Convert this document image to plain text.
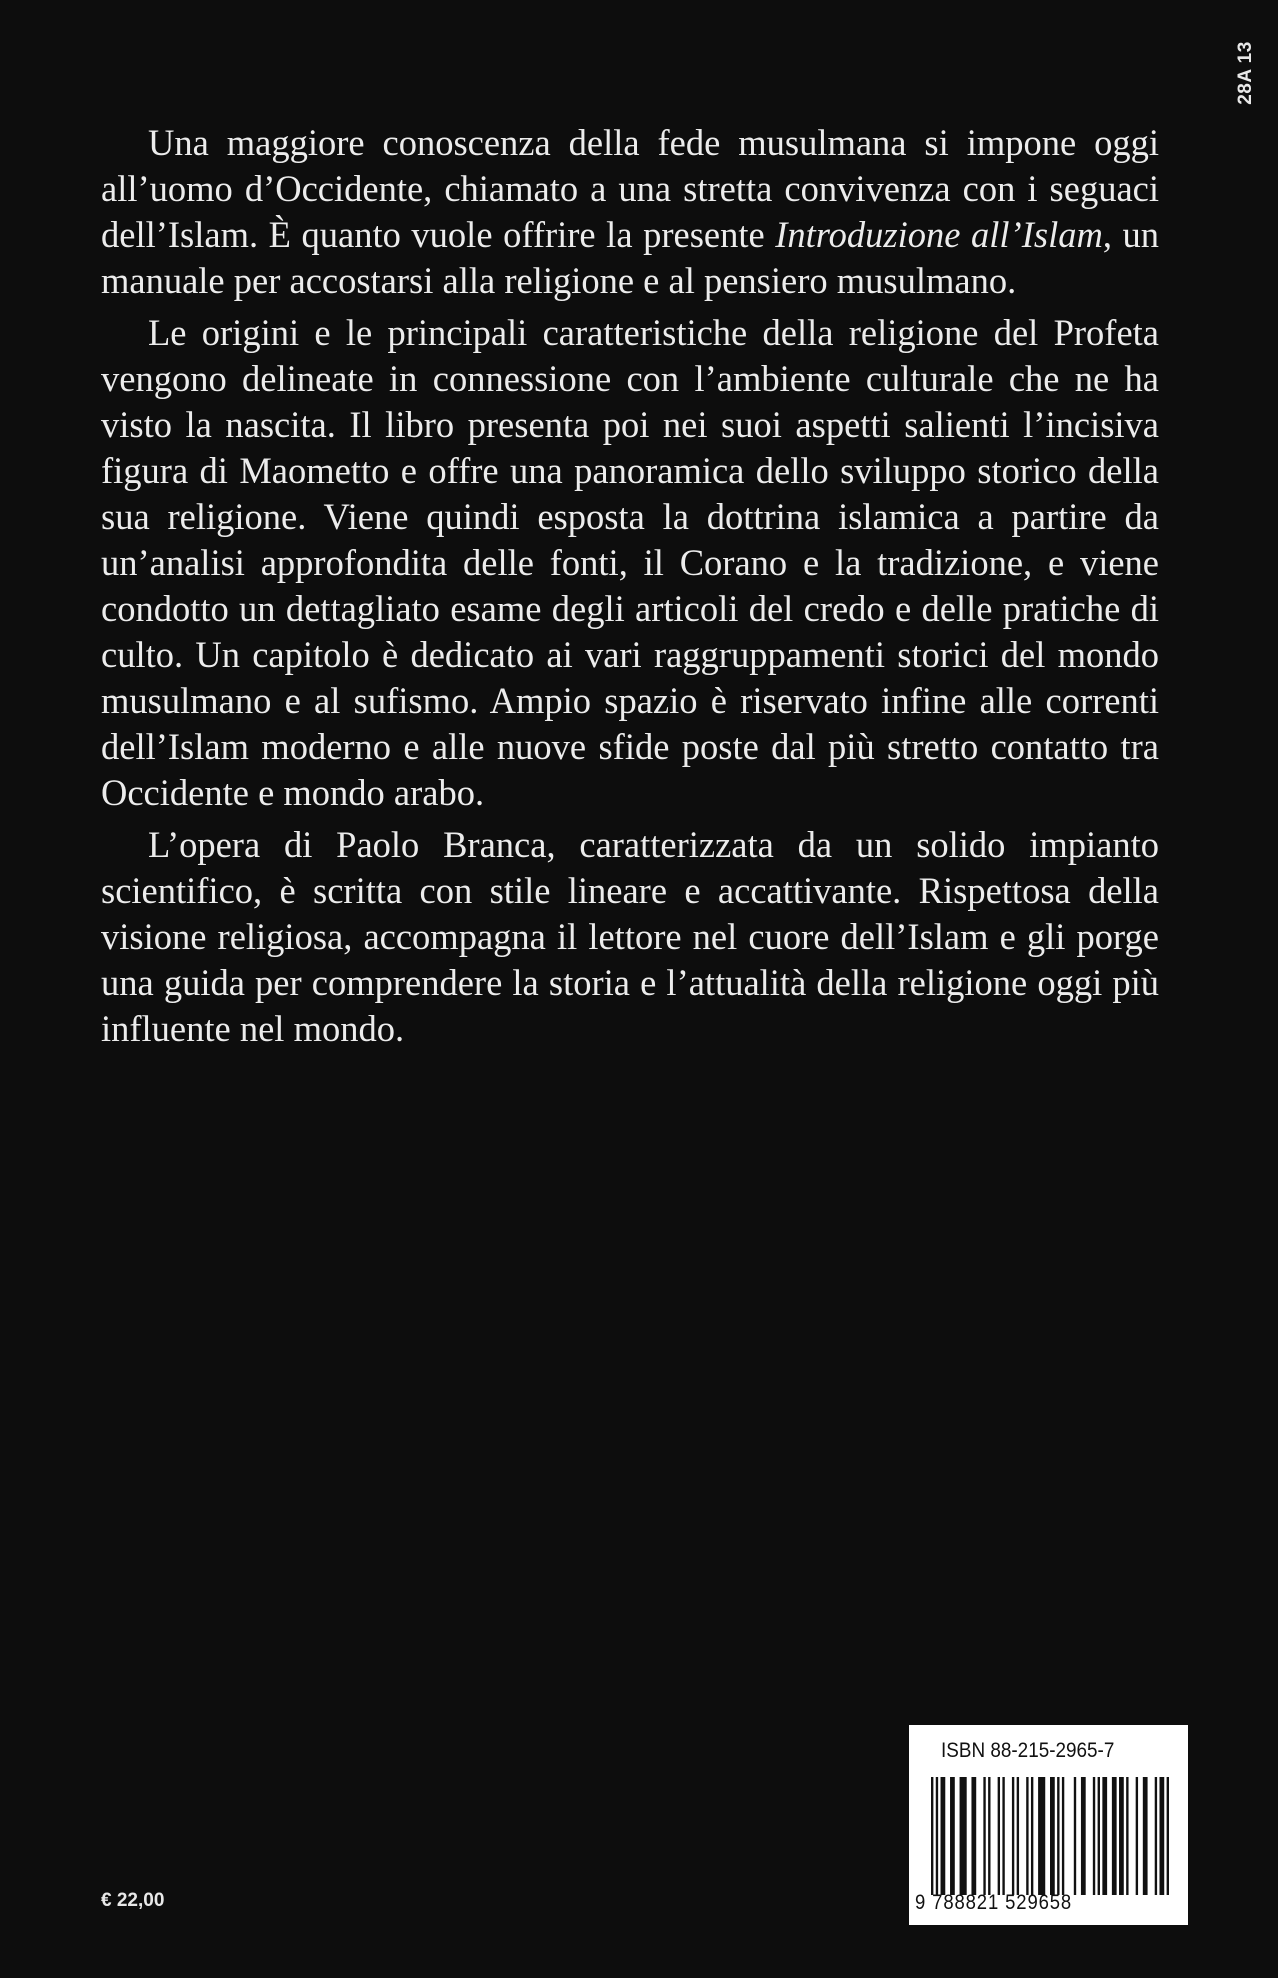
28A 13

Una maggiore conoscenza della fede musulmana si impone oggi all’uomo d’Occidente, chiamato a una stretta convivenza con i seguaci dell’Islam. È quanto vuole offrire la presente Introduzione all’Islam, un manuale per accostarsi alla religione e al pensiero musulmano.

Le origini e le principali caratteristiche della religione del Profeta vengono delineate in connessione con l’ambiente culturale che ne ha visto la nascita. Il libro presenta poi nei suoi aspetti salienti l’incisiva figura di Maometto e offre una panoramica dello sviluppo storico della sua religione. Viene quindi esposta la dottrina islamica a partire da un’analisi approfondita delle fonti, il Corano e la tradizione, e viene condotto un dettagliato esame degli articoli del credo e delle pratiche di culto. Un capitolo è dedicato ai vari raggruppamenti storici del mondo musulmano e al sufismo. Ampio spazio è riservato infine alle correnti dell’Islam moderno e alle nuove sfide poste dal più stretto contatto tra Occidente e mondo arabo.

L’opera di Paolo Branca, caratterizzata da un solido impianto scientifico, è scritta con stile lineare e accattivante. Rispettosa della visione religiosa, accompagna il lettore nel cuore dell’Islam e gli porge una guida per comprendere la storia e l’attualità della religione oggi più influente nel mondo.

€ 22,00
ISBN 88-215-2965-7
9 788821 529658
